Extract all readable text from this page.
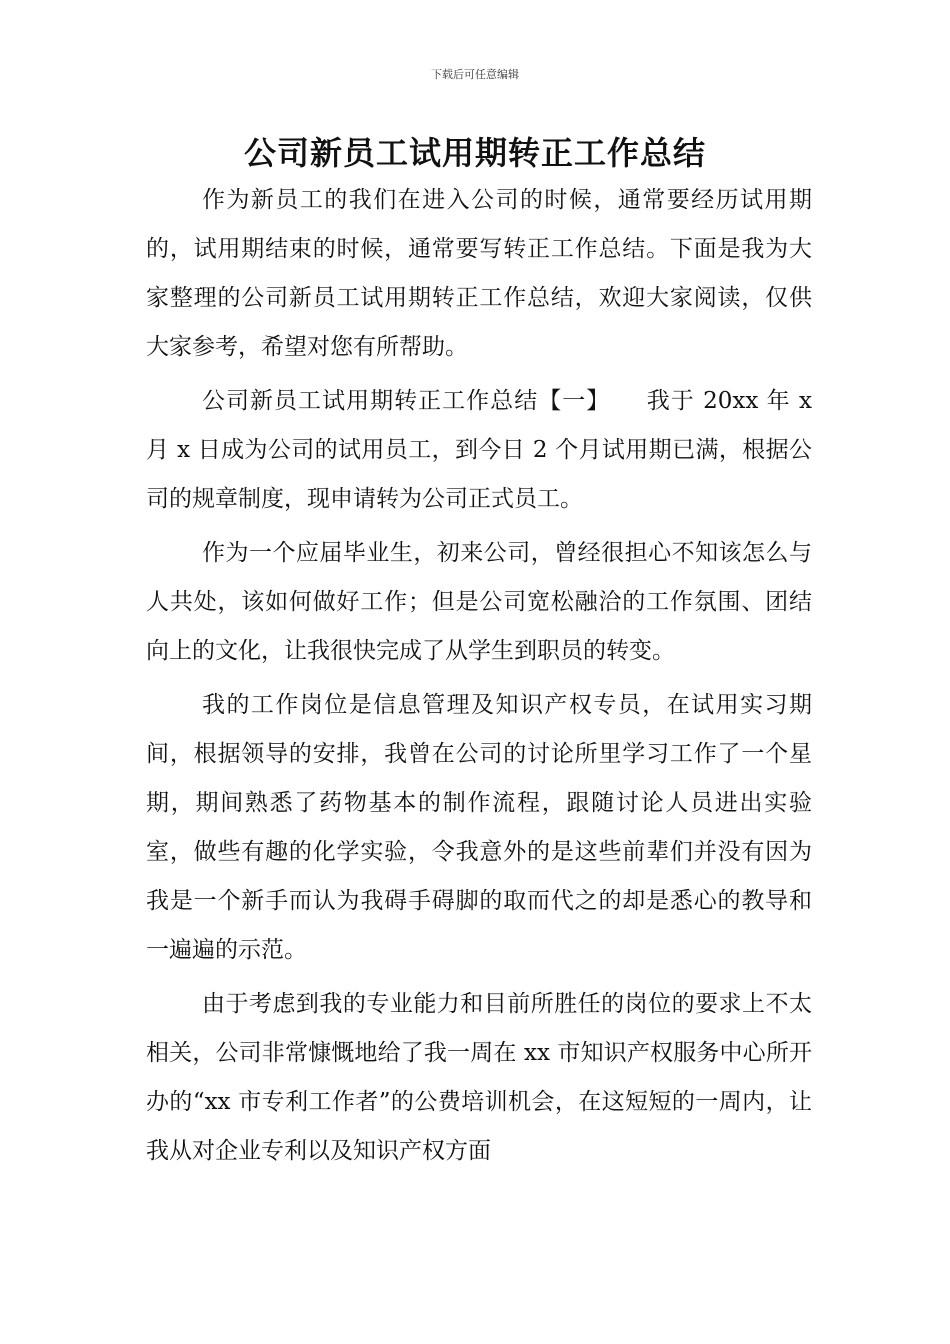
下载后可任意编辑
公司新员工试用期转正工作总结

作为新员工的我们在进入公司的时候，通常要经历试用期的，试用期结束的时候，通常要写转正工作总结。下面是我为大家整理的公司新员工试用期转正工作总结，欢迎大家阅读，仅供大家参考，希望对您有所帮助。

公司新员工试用期转正工作总结【一】　　我于 20xx 年 x 月 x 日成为公司的试用员工，到今日 2 个月试用期已满，根据公司的规章制度，现申请转为公司正式员工。

作为一个应届毕业生，初来公司，曾经很担心不知该怎么与人共处，该如何做好工作；但是公司宽松融洽的工作氛围、团结向上的文化，让我很快完成了从学生到职员的转变。

我的工作岗位是信息管理及知识产权专员，在试用实习期间，根据领导的安排，我曾在公司的讨论所里学习工作了一个星期，期间熟悉了药物基本的制作流程，跟随讨论人员进出实验室，做些有趣的化学实验，令我意外的是这些前辈们并没有因为我是一个新手而认为我碍手碍脚的取而代之的却是悉心的教导和一遍遍的示范。

由于考虑到我的专业能力和目前所胜任的岗位的要求上不太相关，公司非常慷慨地给了我一周在 xx 市知识产权服务中心所开办的“xx 市专利工作者”的公费培训机会，在这短短的一周内，让我从对企业专利以及知识产权方面
